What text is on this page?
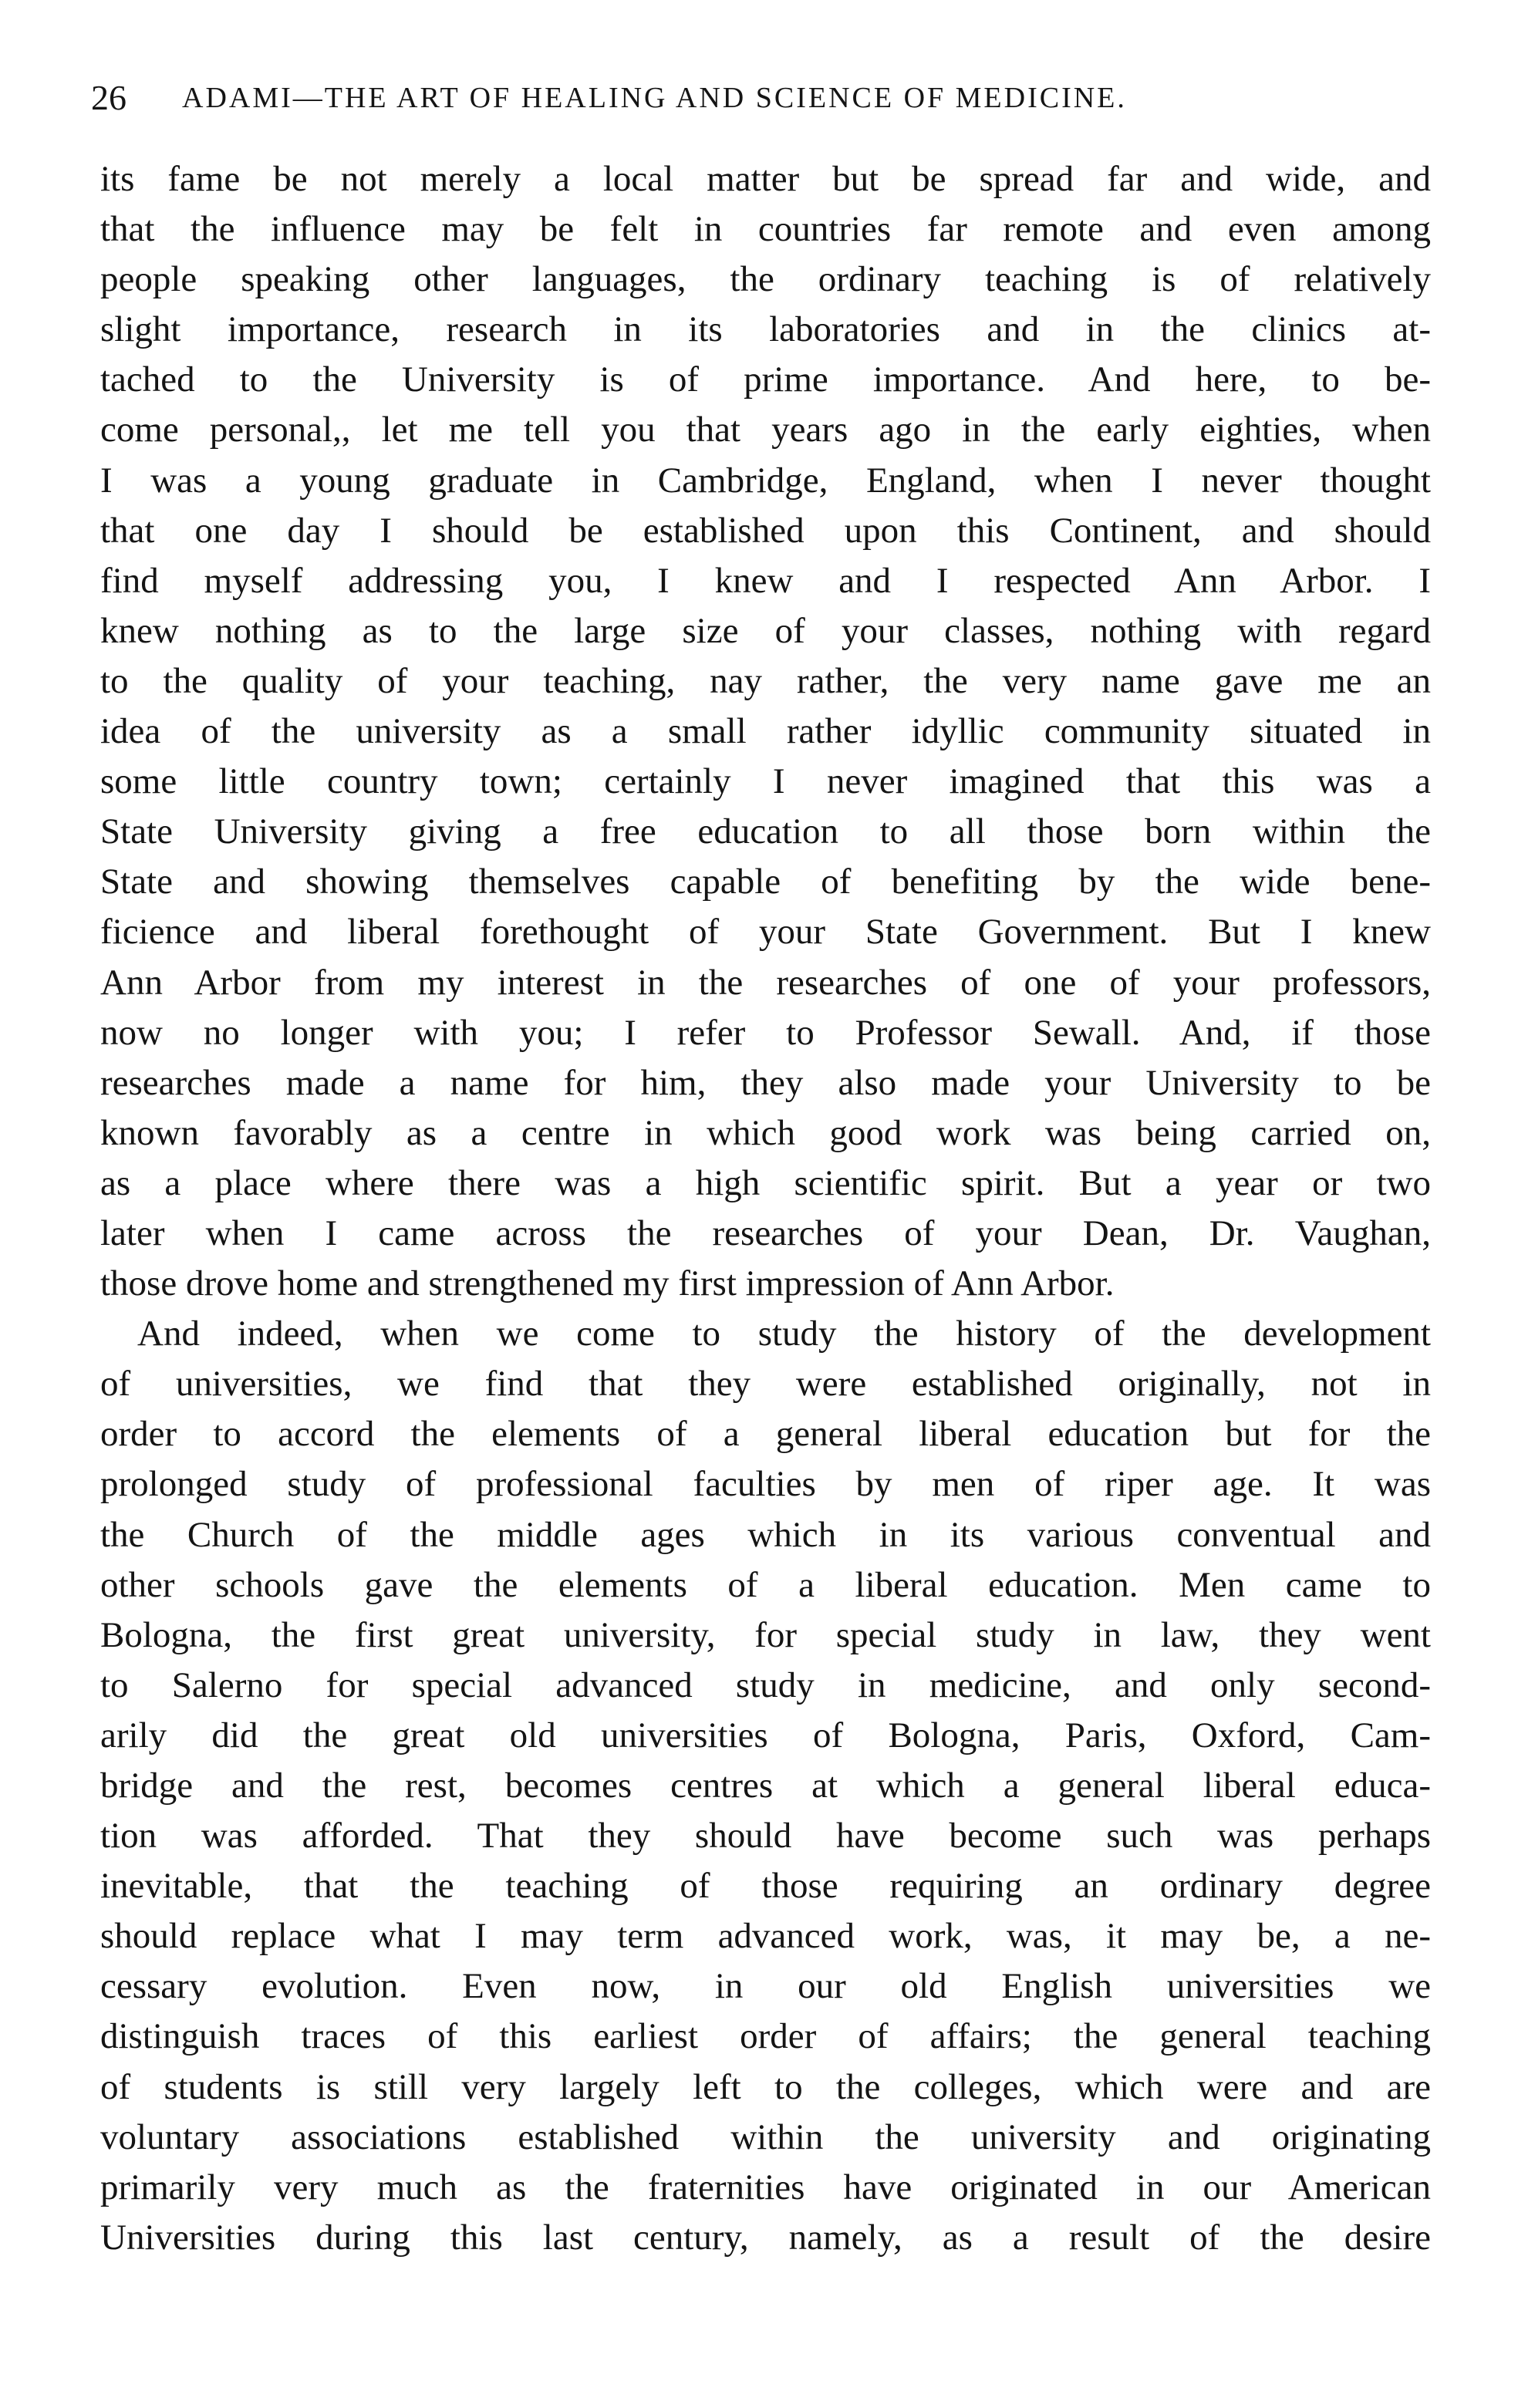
26 ADAMI—THE ART OF HEALING AND SCIENCE OF MEDICINE.
its fame be not merely a local matter but be spread far and wide, and
that the influence may be felt in countries far remote and even among
people speaking other languages, the ordinary teaching is of relatively
slight importance, research in its laboratories and in the clinics at-
tached to the University is of prime importance. And here, to be-
come personal,, let me tell you that years ago in the early eighties, when
I was a young graduate in Cambridge, England, when I never thought
that one day I should be established upon this Continent, and should
find myself addressing you, I knew and I respected Ann Arbor. I
knew nothing as to the large size of your classes, nothing with regard
to the quality of your teaching, nay rather, the very name gave me an
idea of the university as a small rather idyllic community situated in
some little country town; certainly I never imagined that this was a
State University giving a free education to all those born within the
State and showing themselves capable of benefiting by the wide bene-
ficience and liberal forethought of your State Government. But I knew
Ann Arbor from my interest in the researches of one of your professors,
now no longer with you; I refer to Professor Sewall. And, if those
researches made a name for him, they also made your University to be
known favorably as a centre in which good work was being carried on,
as a place where there was a high scientific spirit. But a year or two
later when I came across the researches of your Dean, Dr. Vaughan,
those drove home and strengthened my first impression of Ann Arbor.
And indeed, when we come to study the history of the development
of universities, we find that they were established originally, not in
order to accord the elements of a general liberal education but for the
prolonged study of professional faculties by men of riper age. It was
the Church of the middle ages which in its various conventual and
other schools gave the elements of a liberal education. Men came to
Bologna, the first great university, for special study in law, they went
to Salerno for special advanced study in medicine, and only second-
arily did the great old universities of Bologna, Paris, Oxford, Cam-
bridge and the rest, becomes centres at which a general liberal educa-
tion was afforded. That they should have become such was perhaps
inevitable, that the teaching of those requiring an ordinary degree
should replace what I may term advanced work, was, it may be, a ne-
cessary evolution. Even now, in our old English universities we
distinguish traces of this earliest order of affairs; the general teaching
of students is still very largely left to the colleges, which were and are
voluntary associations established within the university and originating
primarily very much as the fraternities have originated in our American
Universities during this last century, namely, as a result of the desire
